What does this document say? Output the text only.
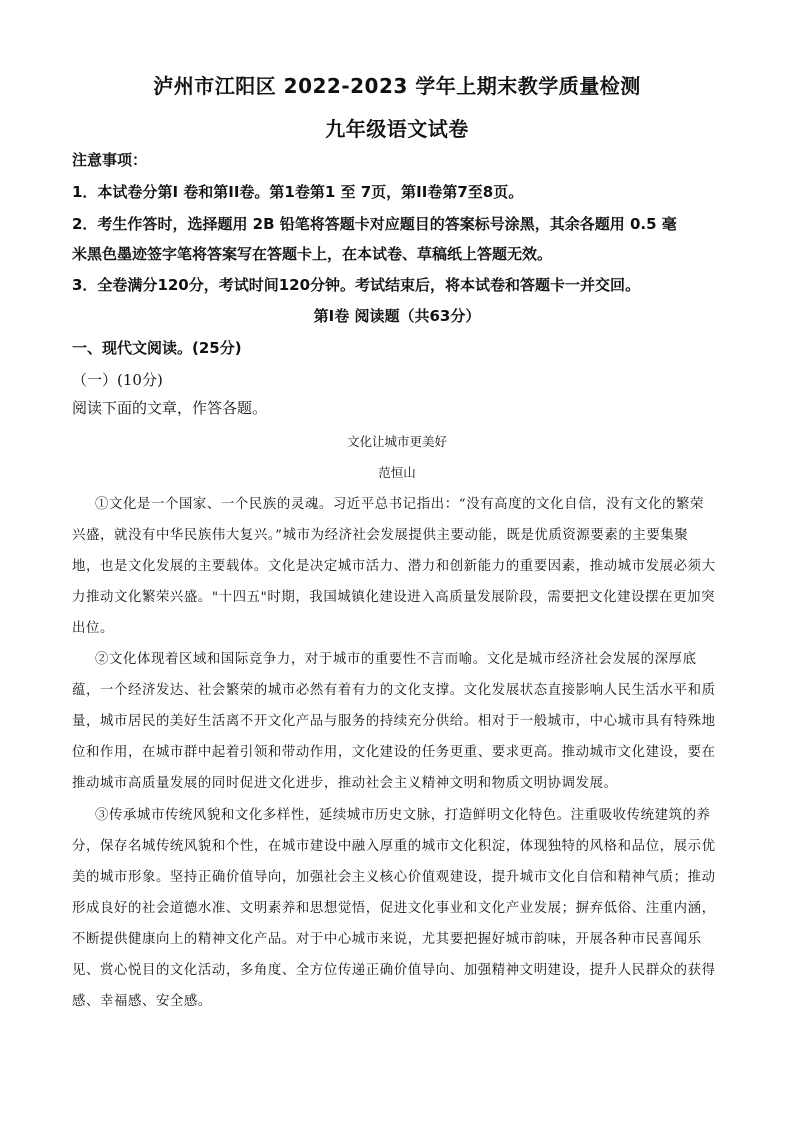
泸州市江阳区 2022-2023 学年上期末教学质量检测
九年级语文试卷
注意事项：
1．本试卷分第Ⅰ 卷和第II卷。第1卷第1 至 7页，第II卷第7至8页。
2．考生作答时，选择题用 2B 铅笔将答题卡对应题目的答案标号涂黑，其余各题用 0.5 毫
米黑色墨迹签字笔将答案写在答题卡上，在本试卷、草稿纸上答题无效。
3．全卷满分120分，考试时间120分钟。考试结束后，将本试卷和答题卡一并交回。
第Ⅰ卷 阅读题（共63分）
一、现代文阅读。(25分)
（一）(10分)
阅读下面的文章，作答各题。
文化让城市更美好
范恒山
①文化是一个国家、一个民族的灵魂。习近平总书记指出：“没有高度的文化自信，没有文化的繁荣
兴盛，就没有中华民族伟大复兴。”城市为经济社会发展提供主要动能，既是优质资源要素的主要集聚
地，也是文化发展的主要载体。文化是决定城市活力、潜力和创新能力的重要因素，推动城市发展必须大
力推动文化繁荣兴盛。"十四五"时期，我国城镇化建设进入高质量发展阶段，需要把文化建设摆在更加突
出位。
②文化体现着区域和国际竞争力，对于城市的重要性不言而喻。文化是城市经济社会发展的深厚底
蕴，一个经济发达、社会繁荣的城市必然有着有力的文化支撑。文化发展状态直接影响人民生活水平和质
量，城市居民的美好生活离不开文化产品与服务的持续充分供给。相对于一般城市，中心城市具有特殊地
位和作用，在城市群中起着引领和带动作用，文化建设的任务更重、要求更高。推动城市文化建设，要在
推动城市高质量发展的同时促进文化进步，推动社会主义精神文明和物质文明协调发展。
③传承城市传统风貌和文化多样性，延续城市历史文脉，打造鲜明文化特色。注重吸收传统建筑的养
分，保存名城传统风貌和个性，在城市建设中融入厚重的城市文化积淀，体现独特的风格和品位，展示优
美的城市形象。坚持正确价值导向，加强社会主义核心价值观建设，提升城市文化自信和精神气质；推动
形成良好的社会道德水准、文明素养和思想觉悟，促进文化事业和文化产业发展；摒弃低俗、注重内涵，
不断提供健康向上的精神文化产品。对于中心城市来说，尤其要把握好城市韵味，开展各种市民喜闻乐
见、赏心悦目的文化活动，多角度、全方位传递正确价值导向、加强精神文明建设，提升人民群众的获得
感、幸福感、安全感。
